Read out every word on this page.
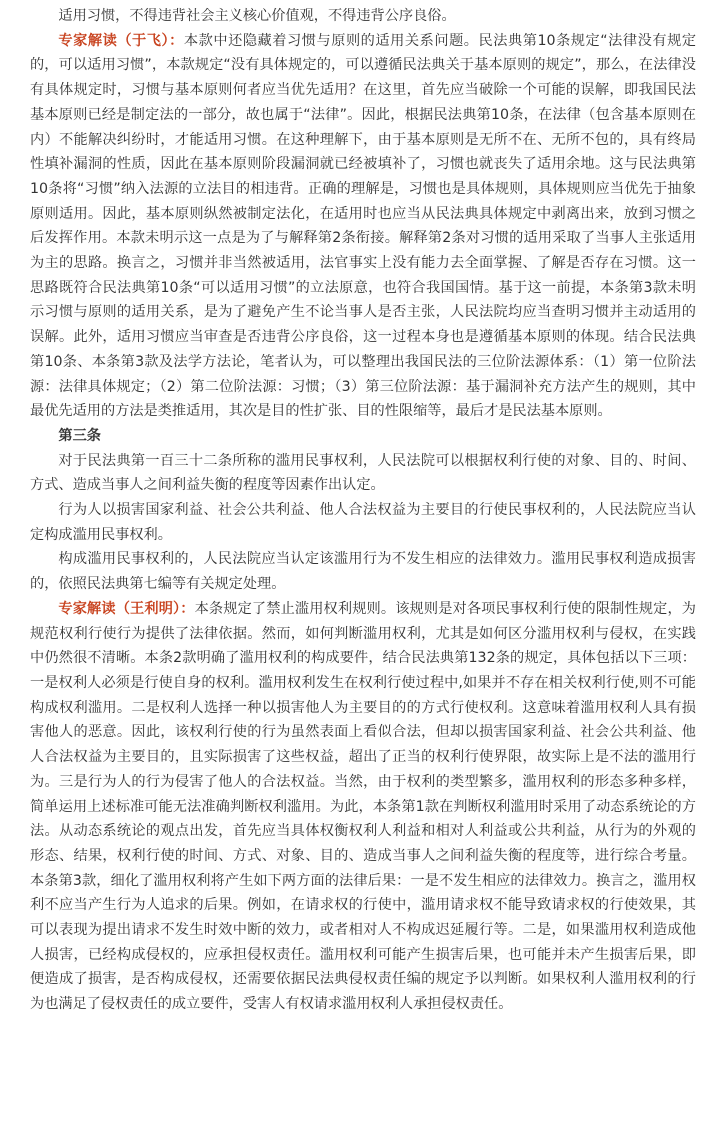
适用习惯，不得违背社会主义核心价值观，不得违背公序良俗。

专家解读（于飞）：本款中还隐藏着习惯与原则的适用关系问题。民法典第10条规定“法律没有规定的，可以适用习惯”，本款规定“没有具体规定的，可以遵循民法典关于基本原则的规定”，那么，在法律没有具体规定时，习惯与基本原则何者应当优先适用？在这里，首先应当破除一个可能的误解，即我国民法基本原则已经是制定法的一部分，故也属于“法律”。因此，根据民法典第10条，在法律（包含基本原则在内）不能解决纠纷时，才能适用习惯。在这种理解下，由于基本原则是无所不在、无所不包的，具有终局性填补漏洞的性质，因此在基本原则阶段漏洞就已经被填补了，习惯也就丧失了适用余地。这与民法典第10条将“习惯”纳入法源的立法目的相违背。正确的理解是，习惯也是具体规则，具体规则应当优先于抽象原则适用。因此，基本原则纵然被制定法化，在适用时也应当从民法典具体规定中剥离出来，放到习惯之后发挥作用。本款未明示这一点是为了与解释第2条衔接。解释第2条对习惯的适用采取了当事人主张适用为主的思路。换言之，习惯并非当然被适用，法官事实上没有能力去全面掌握、了解是否存在习惯。这一思路既符合民法典第10条“可以适用习惯”的立法原意，也符合我国国情。基于这一前提，本条第3款未明示习惯与原则的适用关系，是为了避免产生不论当事人是否主张，人民法院均应当查明习惯并主动适用的误解。此外，适用习惯应当审查是否违背公序良俗，这一过程本身也是遵循基本原则的体现。结合民法典第10条、本条第3款及法学方法论，笔者认为，可以整理出我国民法的三位阶法源体系：（1）第一位阶法源：法律具体规定；（2）第二位阶法源：习惯；（3）第三位阶法源：基于漏洞补充方法产生的规则，其中最优先适用的方法是类推适用，其次是目的性扩张、目的性限缩等，最后才是民法基本原则。

第三条

对于民法典第一百三十二条所称的滥用民事权利，人民法院可以根据权利行使的对象、目的、时间、方式、造成当事人之间利益失衡的程度等因素作出认定。

行为人以损害国家利益、社会公共利益、他人合法权益为主要目的行使民事权利的，人民法院应当认定构成滥用民事权利。

构成滥用民事权利的，人民法院应当认定该滥用行为不发生相应的法律效力。滥用民事权利造成损害的，依照民法典第七编等有关规定处理。

专家解读（王利明）：本条规定了禁止滥用权利规则。该规则是对各项民事权利行使的限制性规定，为规范权利行使行为提供了法律依据。然而，如何判断滥用权利，尤其是如何区分滥用权利与侵权，在实践中仍然很不清晰。本条2款明确了滥用权利的构成要件，结合民法典第132条的规定，具体包括以下三项：一是权利人必须是行使自身的权利。滥用权利发生在权利行使过程中,如果并不存在相关权利行使,则不可能构成权利滥用。二是权利人选择一种以损害他人为主要目的的方式行使权利。这意味着滥用权利人具有损害他人的恶意。因此，该权利行使的行为虽然表面上看似合法，但却以损害国家利益、社会公共利益、他人合法权益为主要目的，且实际损害了这些权益，超出了正当的权利行使界限，故实际上是不法的滥用行为。三是行为人的行为侵害了他人的合法权益。当然，由于权利的类型繁多，滥用权利的形态多种多样，简单运用上述标准可能无法准确判断权利滥用。为此，本条第1款在判断权利滥用时采用了动态系统论的方法。从动态系统论的观点出发，首先应当具体权衡权利人利益和相对人利益或公共利益，从行为的外观的形态、结果，权利行使的时间、方式、对象、目的、造成当事人之间利益失衡的程度等，进行综合考量。本条第3款，细化了滥用权利将产生如下两方面的法律后果：一是不发生相应的法律效力。换言之，滥用权利不应当产生行为人追求的后果。例如，在请求权的行使中，滥用请求权不能导致请求权的行使效果，其可以表现为提出请求不发生时效中断的效力，或者相对人不构成迟延履行等。二是，如果滥用权利造成他人损害，已经构成侵权的，应承担侵权责任。滥用权利可能产生损害后果，也可能并未产生损害后果，即便造成了损害，是否构成侵权，还需要依据民法典侵权责任编的规定予以判断。如果权利人滥用权利的行为也满足了侵权责任的成立要件，受害人有权请求滥用权利人承担侵权责任。
